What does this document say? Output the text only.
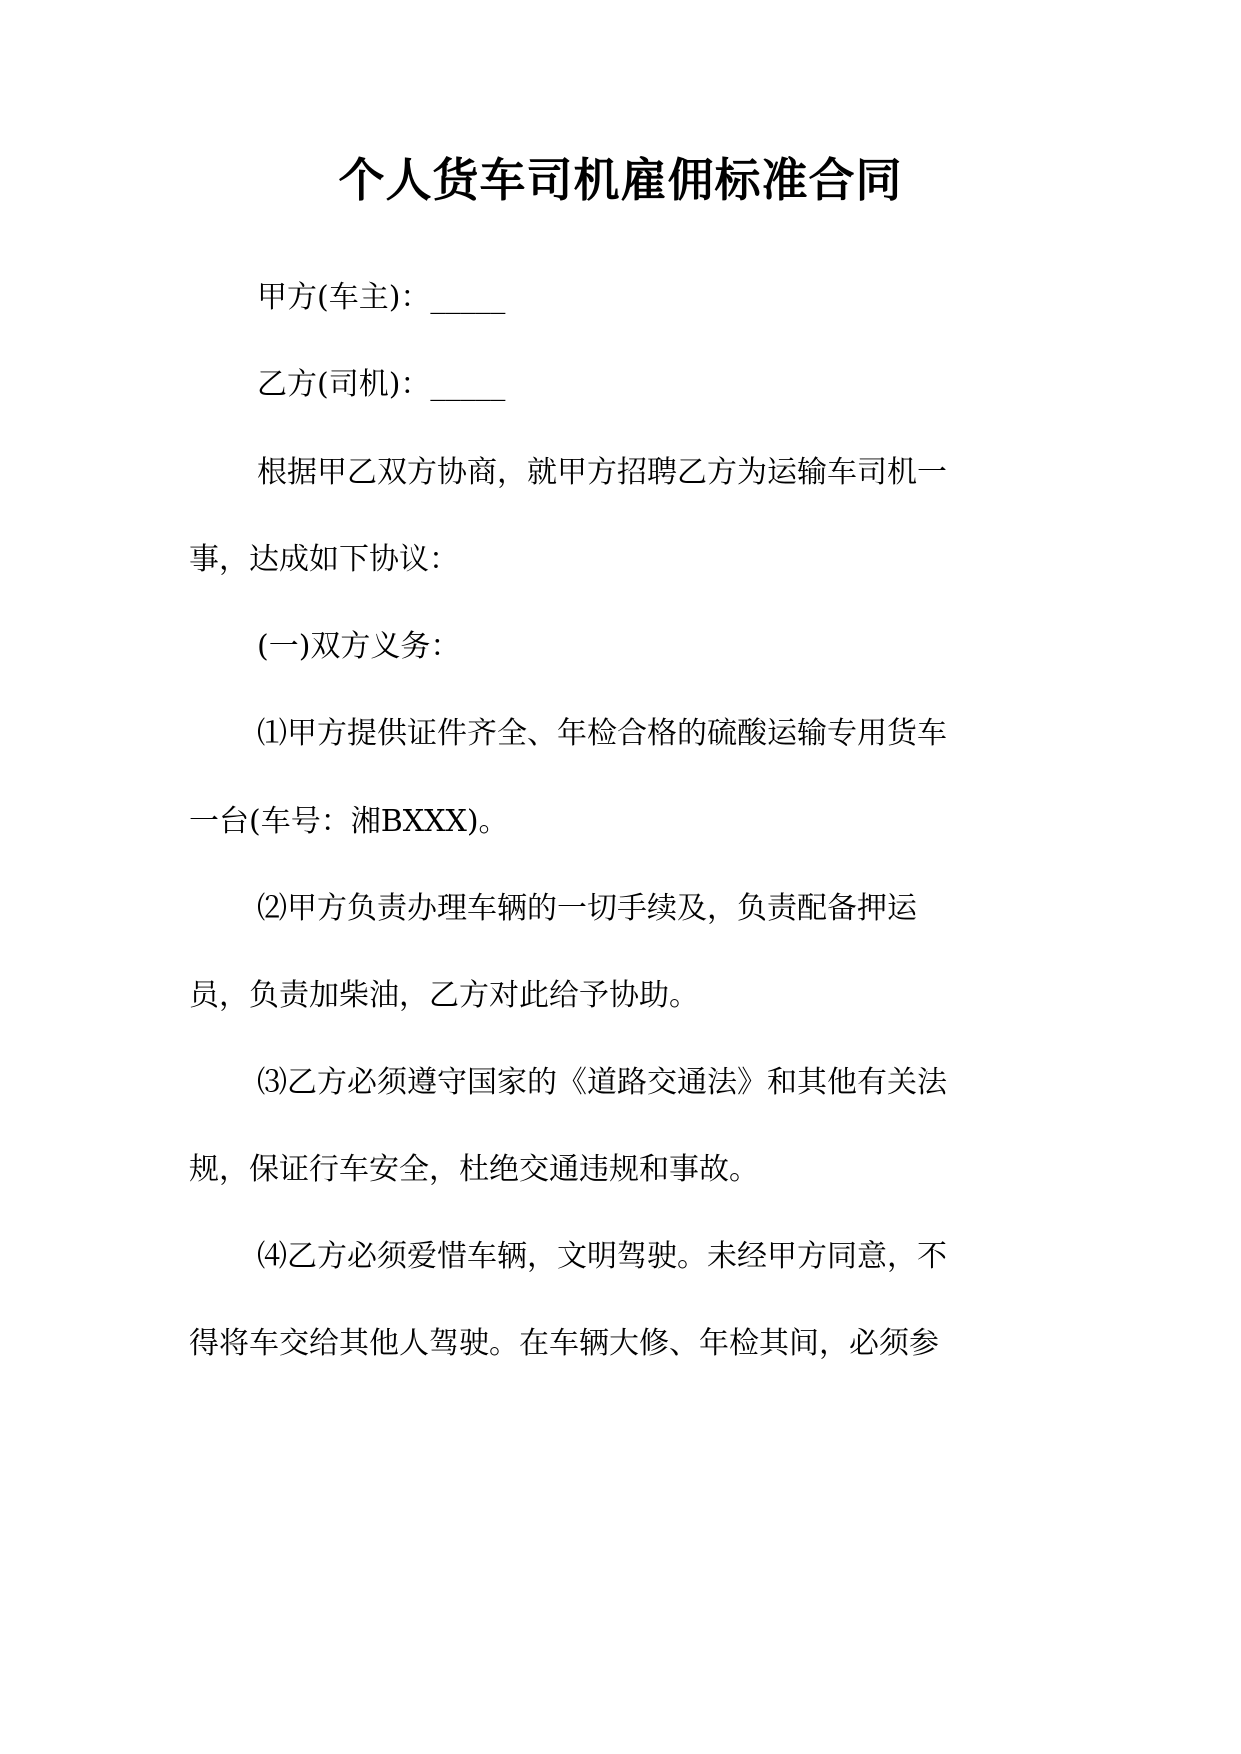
个人货车司机雇佣标准合同

甲方(车主)：_____

乙方(司机)：_____

根据甲乙双方协商，就甲方招聘乙方为运输车司机一

事，达成如下协议：

(一)双方义务：

⑴甲方提供证件齐全、年检合格的硫酸运输专用货车

一台(车号：湘BXXX)。

⑵甲方负责办理车辆的一切手续及，负责配备押运

员，负责加柴油，乙方对此给予协助。

⑶乙方必须遵守国家的《道路交通法》和其他有关法

规，保证行车安全，杜绝交通违规和事故。

⑷乙方必须爱惜车辆，文明驾驶。未经甲方同意，不

得将车交给其他人驾驶。在车辆大修、年检其间，必须参
